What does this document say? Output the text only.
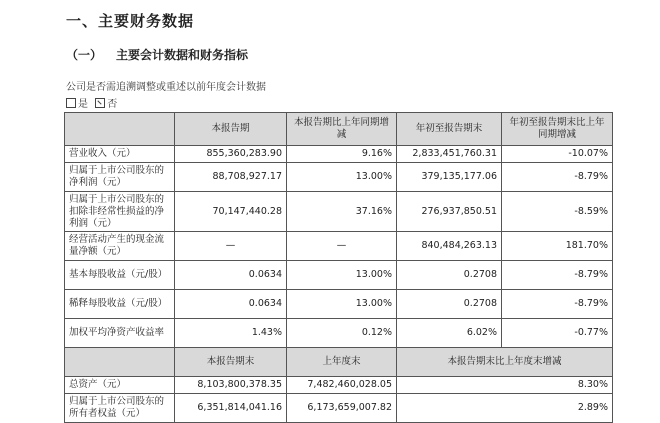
一、主要财务数据
（一） 主要会计数据和财务指标
公司是否需追溯调整或重述以前年度会计数据
是 否
	本报告期	本报告期比上年同期增减	年初至报告期末	年初至报告期末比上年同期增减
营业收入（元）	855,360,283.90	9.16%	2,833,451,760.31	-10.07%
归属于上市公司股东的净利润（元）	88,708,927.17	13.00%	379,135,177.06	-8.79%
归属于上市公司股东的扣除非经常性损益的净利润（元）	70,147,440.28	37.16%	276,937,850.51	-8.59%
经营活动产生的现金流量净额（元）	—	—	840,484,263.13	181.70%
基本每股收益（元/股）	0.0634	13.00%	0.2708	-8.79%
稀释每股收益（元/股）	0.0634	13.00%	0.2708	-8.79%
加权平均净资产收益率	1.43%	0.12%	6.02%	-0.77%
	本报告期末	上年度末	本报告期末比上年度末增减	
总资产（元）	8,103,800,378.35	7,482,460,028.05	8.30%	
归属于上市公司股东的所有者权益（元）	6,351,814,041.16	6,173,659,007.82	2.89%	
